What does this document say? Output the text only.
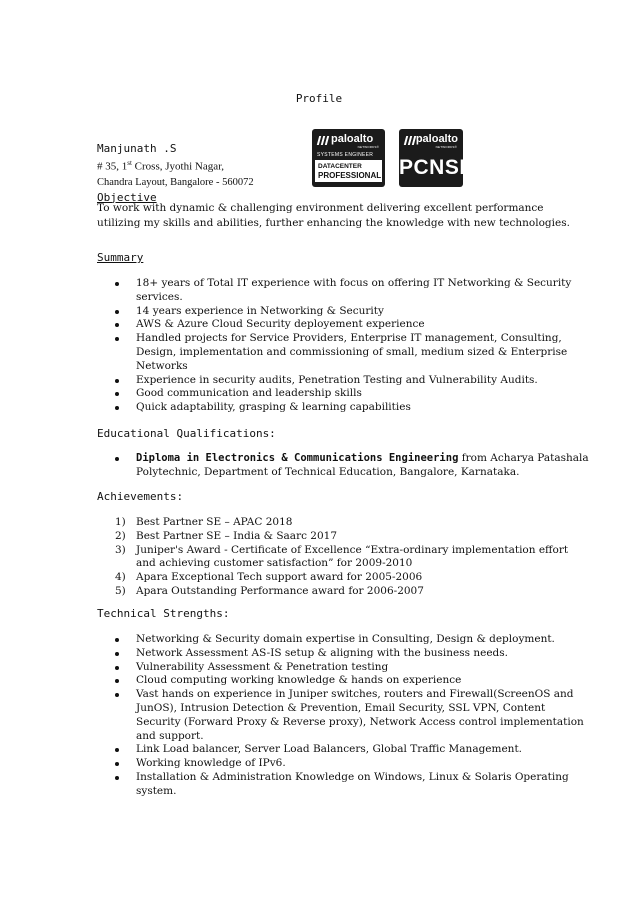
Profile
Manjunath .S
# 35, 1st Cross, Jyothi Nagar,
Chandra Layout, Bangalore - 560072
Objective
paloalto
NETWORKS®
SYSTEMS ENGINEER
DATACENTER
PROFESSIONAL
paloalto
NETWORKS®
PCNSE
To work with dynamic & challenging environment delivering excellent performance utilizing my skills and abilities, further enhancing the knowledge with new technologies.
Summary
18+ years of Total IT experience with focus on offering IT Networking & Security services.
14 years experience in Networking & Security
AWS & Azure Cloud Security deployement experience
Handled projects for Service Providers, Enterprise IT management, Consulting, Design, implementation and commissioning of small, medium sized & Enterprise Networks
Experience in security audits, Penetration Testing and Vulnerability Audits.
Good communication and leadership skills
Quick adaptability, grasping & learning capabilities
Educational Qualifications:
Diploma in Electronics & Communications Engineering from Acharya Patashala Polytechnic, Department of Technical Education, Bangalore, Karnataka.
Achievements:
1) Best Partner SE – APAC 2018
2) Best Partner SE – India & Saarc 2017
3) Juniper's Award - Certificate of Excellence “Extra-ordinary implementation effort and achieving customer satisfaction” for 2009-2010
4) Apara Exceptional Tech support award for 2005-2006
5) Apara Outstanding Performance award for 2006-2007
Technical Strengths:
Networking & Security domain expertise in Consulting, Design & deployment.
Network Assessment AS-IS setup & aligning with the business needs.
Vulnerability Assessment & Penetration testing
Cloud computing working knowledge & hands on experience
Vast hands on experience in Juniper switches, routers and Firewall(ScreenOS and JunOS), Intrusion Detection & Prevention, Email Security, SSL VPN, Content Security (Forward Proxy & Reverse proxy), Network Access control implementation and support.
Link Load balancer, Server Load Balancers, Global Traffic Management.
Working knowledge of IPv6.
Installation & Administration Knowledge on Windows, Linux & Solaris Operating system.
